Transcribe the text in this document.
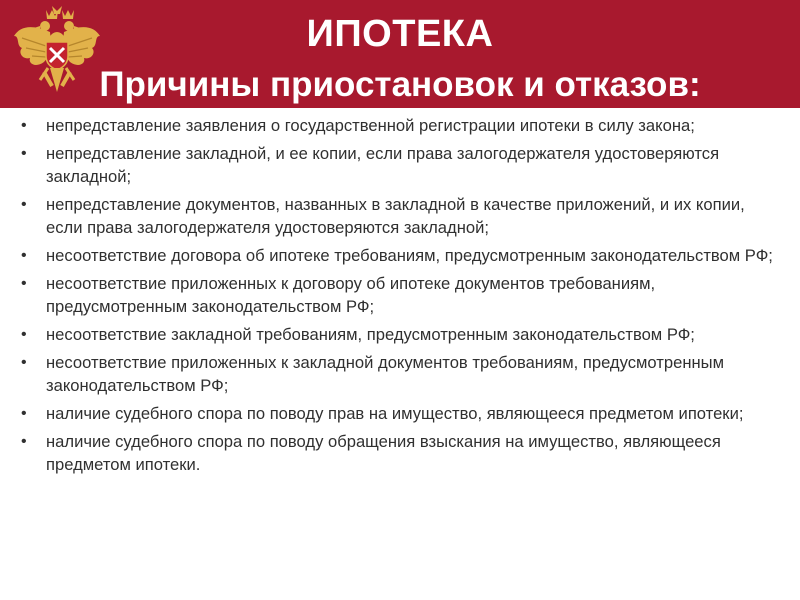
ИПОТЕКА
Причины приостановок и отказов:
• непредставление заявления о государственной регистрации ипотеки в силу закона;
• непредставление закладной, и ее копии, если права залогодержателя удостоверяются закладной;
• непредставление документов, названных в закладной в качестве приложений, и их копии, если права залогодержателя удостоверяются закладной;
• несоответствие договора об ипотеке требованиям, предусмотренным законодательством РФ;
• несоответствие приложенных к договору об ипотеке документов требованиям, предусмотренным законодательством РФ;
• несоответствие закладной требованиям, предусмотренным законодательством РФ;
• несоответствие приложенных к закладной документов требованиям, предусмотренным законодательством РФ;
• наличие судебного спора по поводу прав на имущество, являющееся предметом ипотеки;
• наличие судебного спора по поводу обращения взыскания на имущество, являющееся предметом ипотеки.
